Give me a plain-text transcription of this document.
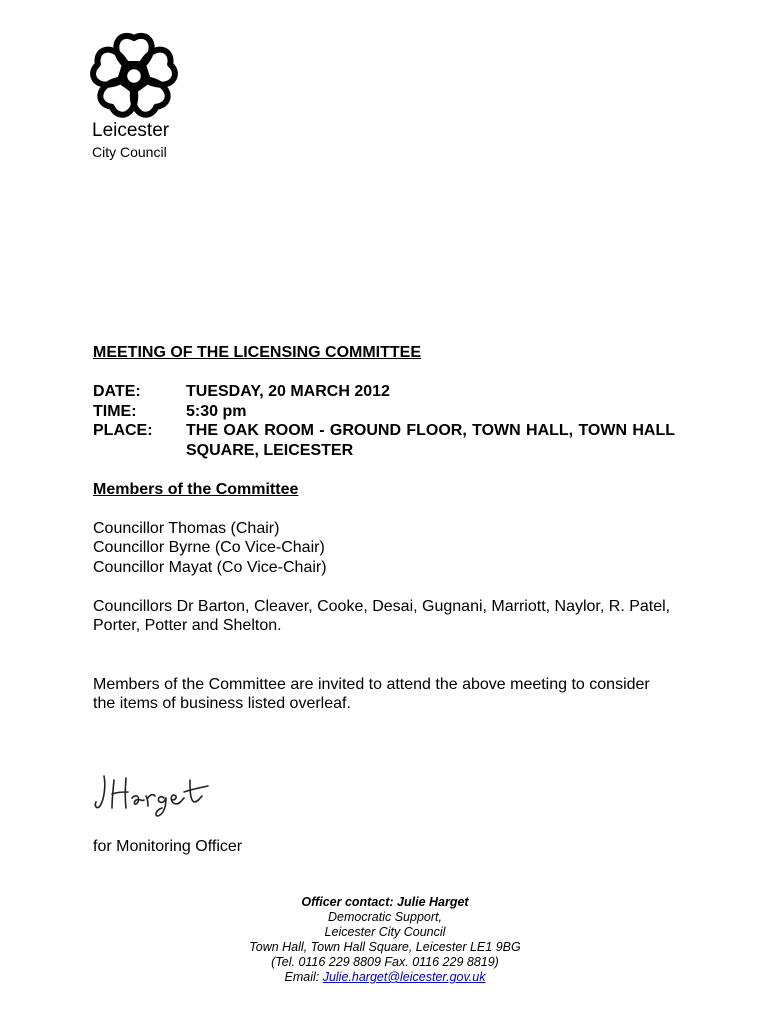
Leicester
City Council
MEETING OF THE LICENSING COMMITTEE
DATE:	TUESDAY, 20 MARCH 2012
TIME:	5:30 pm
PLACE:	THE OAK ROOM - GROUND FLOOR, TOWN HALL, TOWN HALL SQUARE, LEICESTER
Members of the Committee
Councillor Thomas (Chair)
Councillor Byrne (Co Vice-Chair)
Councillor Mayat (Co Vice-Chair)
Councillors Dr Barton, Cleaver, Cooke, Desai, Gugnani, Marriott, Naylor, R. Patel, Porter, Potter and Shelton.
Members of the Committee are invited to attend the above meeting to consider the items of business listed overleaf.
for Monitoring Officer
Officer contact: Julie Harget
Democratic Support,
Leicester City Council
Town Hall, Town Hall Square, Leicester LE1 9BG
(Tel. 0116 229 8809 Fax. 0116 229 8819)
Email: Julie.harget@leicester.gov.uk
